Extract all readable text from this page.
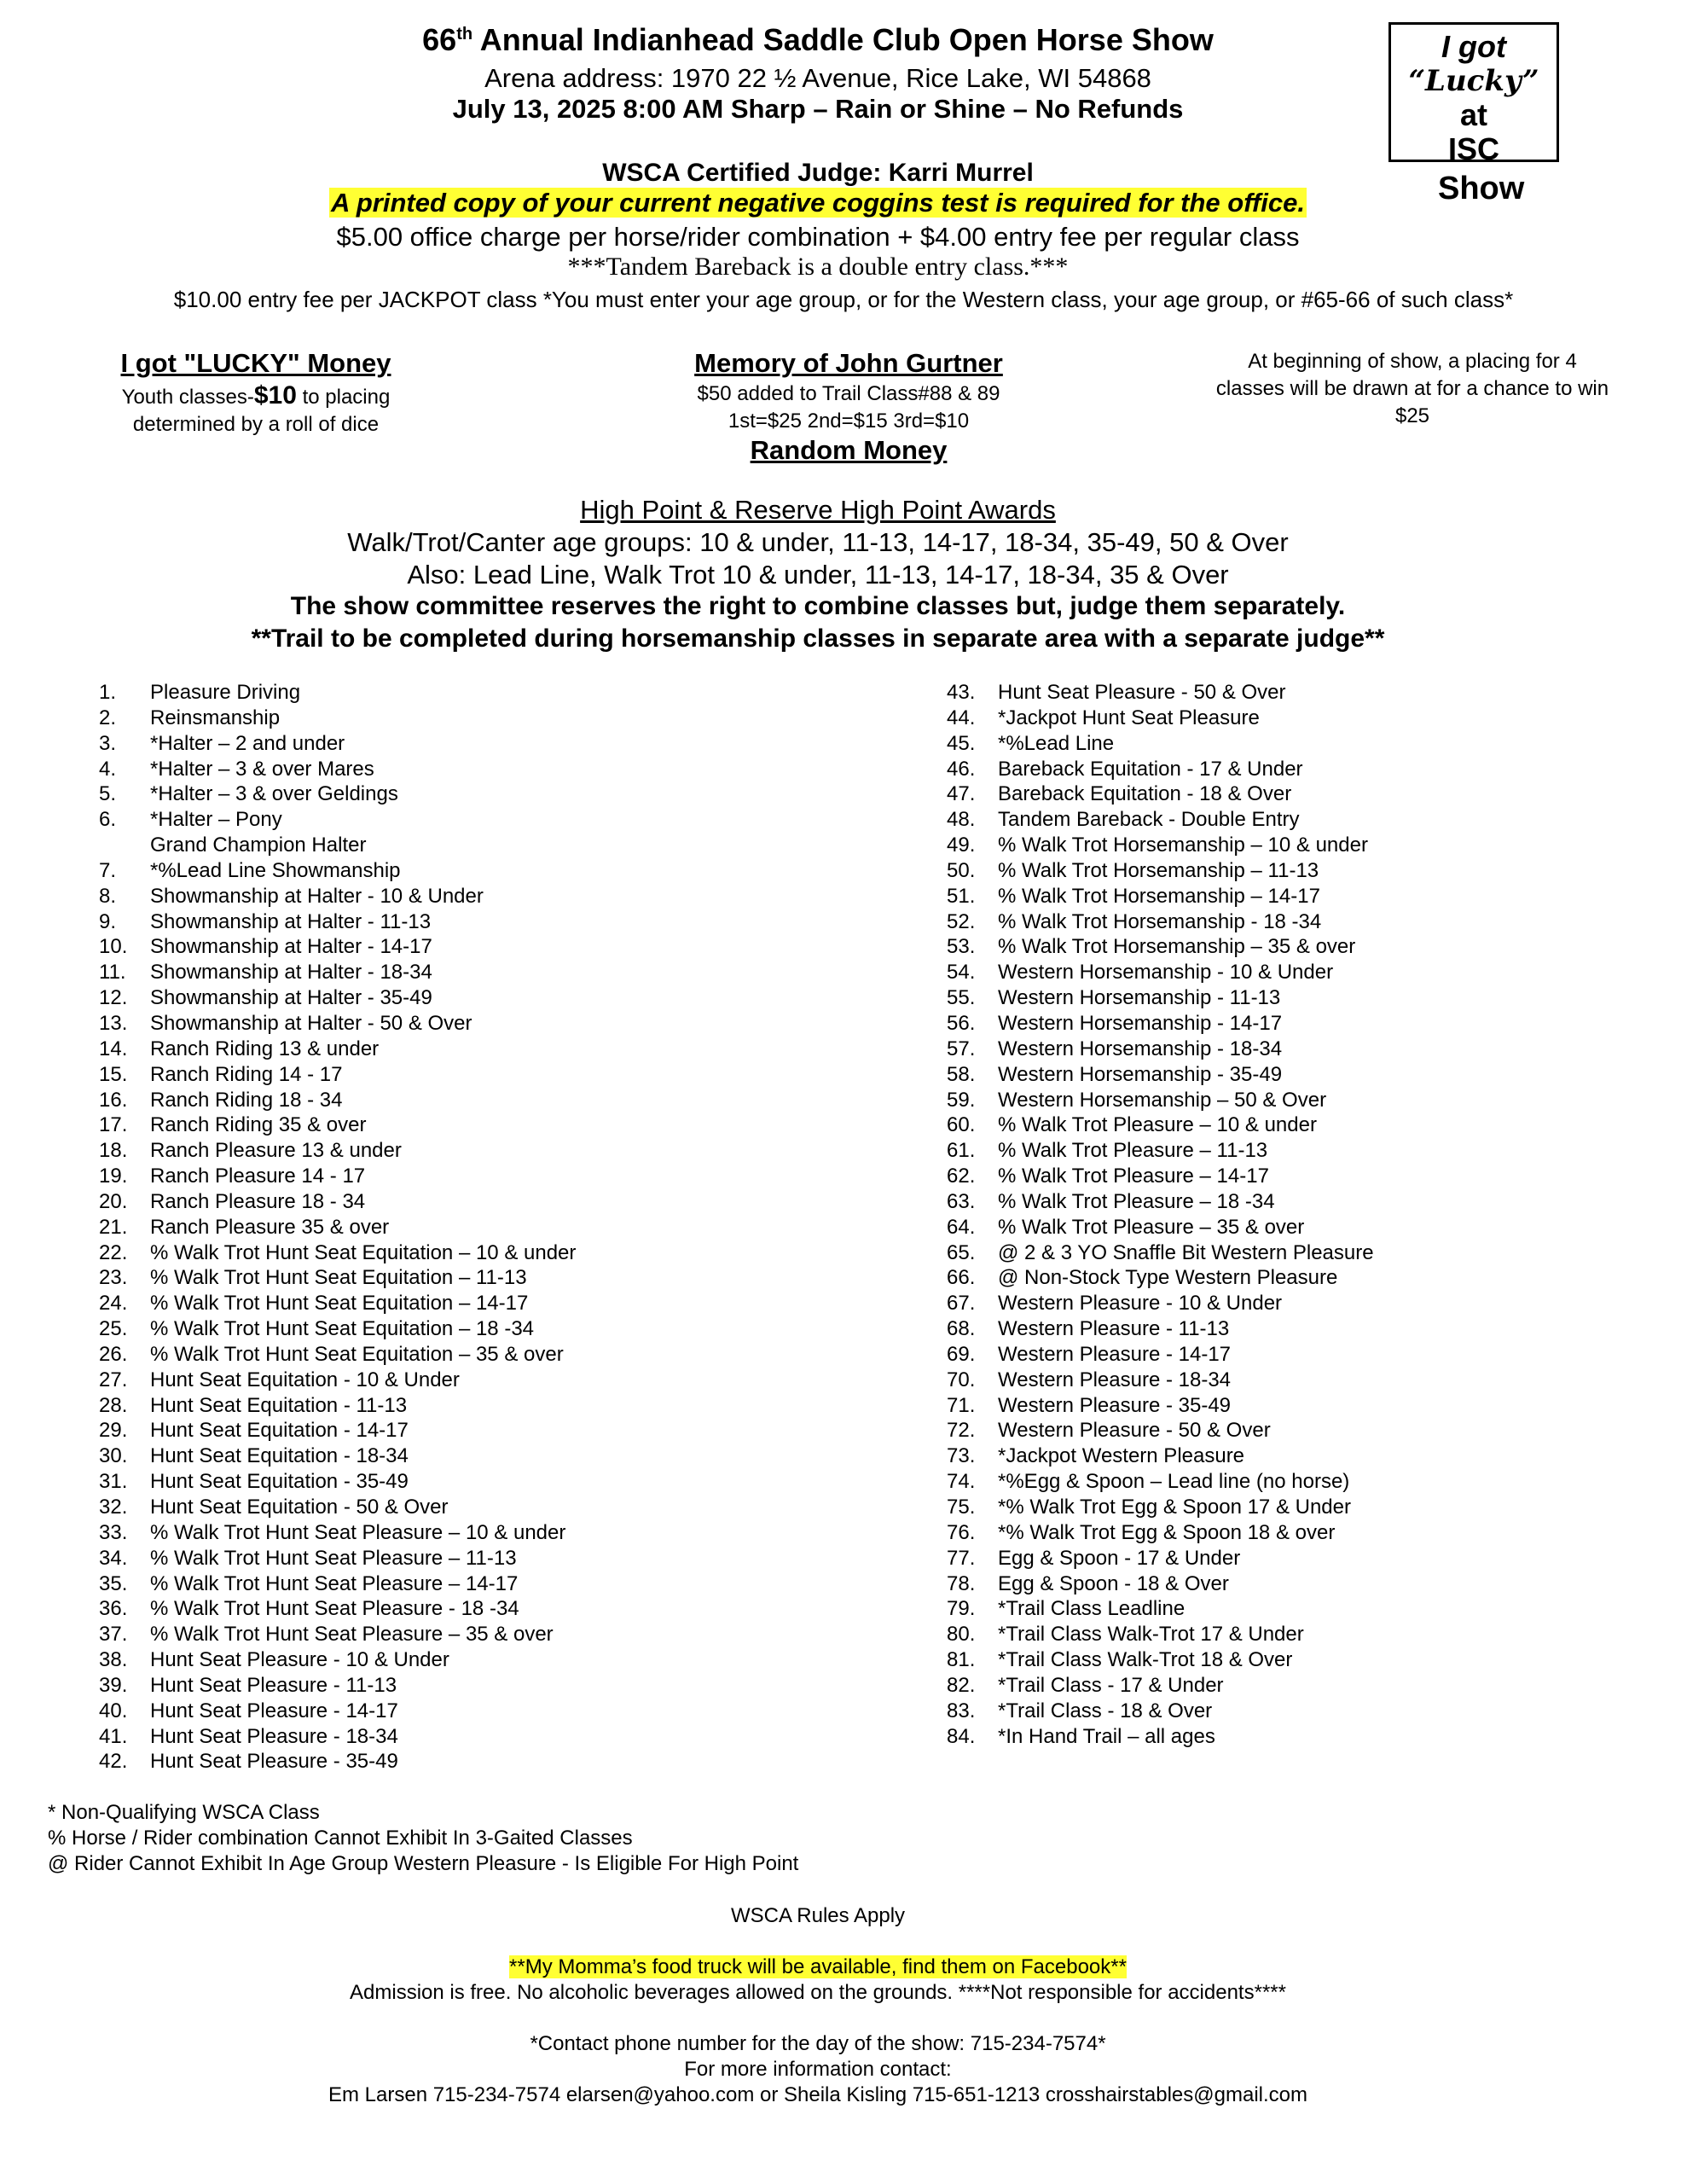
66th Annual Indianhead Saddle Club Open Horse Show
Arena address: 1970 22 ½ Avenue, Rice Lake, WI 54868
July 13, 2025 8:00 AM Sharp – Rain or Shine – No Refunds
WSCA Certified Judge: Karri Murrel
A printed copy of your current negative coggins test is required for the office.
$5.00 office charge per horse/rider combination + $4.00 entry fee per regular class
***Tandem Bareback is a double entry class.***
$10.00 entry fee per JACKPOT class *You must enter your age group, or for the Western class, your age group, or #65-66 of such class*
I got
“Lucky”
at
ISC
Show
I got "LUCKY" Money
Youth classes-$10 to placing
determined by a roll of dice
Memory of John Gurtner
$50 added to Trail Class#88 & 89
1st=$25 2nd=$15 3rd=$10
Random Money
At beginning of show, a placing for 4
classes will be drawn at for a chance to win
$25
High Point & Reserve High Point Awards
Walk/Trot/Canter age groups: 10 & under, 11-13, 14-17, 18-34, 35-49, 50 & Over
Also: Lead Line, Walk Trot 10 & under, 11-13, 14-17, 18-34, 35 & Over
The show committee reserves the right to combine classes but, judge them separately.
**Trail to be completed during horsemanship classes in separate area with a separate judge**
1. Pleasure Driving
2. Reinsmanship
3. *Halter – 2 and under
4. *Halter – 3 & over Mares
5. *Halter – 3 & over Geldings
6. *Halter – Pony
Grand Champion Halter
7. *%Lead Line Showmanship
8. Showmanship at Halter - 10 & Under
9. Showmanship at Halter - 11-13
10. Showmanship at Halter - 14-17
11. Showmanship at Halter - 18-34
12. Showmanship at Halter - 35-49
13. Showmanship at Halter - 50 & Over
14. Ranch Riding 13 & under
15. Ranch Riding 14 - 17
16. Ranch Riding 18 - 34
17. Ranch Riding 35 & over
18. Ranch Pleasure 13 & under
19. Ranch Pleasure 14 - 17
20. Ranch Pleasure 18 - 34
21. Ranch Pleasure 35 & over
22. % Walk Trot Hunt Seat Equitation – 10 & under
23. % Walk Trot Hunt Seat Equitation – 11-13
24. % Walk Trot Hunt Seat Equitation – 14-17
25. % Walk Trot Hunt Seat Equitation – 18 -34
26. % Walk Trot Hunt Seat Equitation – 35 & over
27. Hunt Seat Equitation - 10 & Under
28. Hunt Seat Equitation - 11-13
29. Hunt Seat Equitation - 14-17
30. Hunt Seat Equitation - 18-34
31. Hunt Seat Equitation - 35-49
32. Hunt Seat Equitation - 50 & Over
33. % Walk Trot Hunt Seat Pleasure – 10 & under
34. % Walk Trot Hunt Seat Pleasure – 11-13
35. % Walk Trot Hunt Seat Pleasure – 14-17
36. % Walk Trot Hunt Seat Pleasure - 18 -34
37. % Walk Trot Hunt Seat Pleasure – 35 & over
38. Hunt Seat Pleasure - 10 & Under
39. Hunt Seat Pleasure - 11-13
40. Hunt Seat Pleasure - 14-17
41. Hunt Seat Pleasure - 18-34
42. Hunt Seat Pleasure - 35-49
43. Hunt Seat Pleasure - 50 & Over
44. *Jackpot Hunt Seat Pleasure
45. *%Lead Line
46. Bareback Equitation - 17 & Under
47. Bareback Equitation - 18 & Over
48. Tandem Bareback - Double Entry
49. % Walk Trot Horsemanship – 10 & under
50. % Walk Trot Horsemanship – 11-13
51. % Walk Trot Horsemanship – 14-17
52. % Walk Trot Horsemanship - 18 -34
53. % Walk Trot Horsemanship – 35 & over
54. Western Horsemanship - 10 & Under
55. Western Horsemanship - 11-13
56. Western Horsemanship - 14-17
57. Western Horsemanship - 18-34
58. Western Horsemanship - 35-49
59. Western Horsemanship – 50 & Over
60. % Walk Trot Pleasure – 10 & under
61. % Walk Trot Pleasure – 11-13
62. % Walk Trot Pleasure – 14-17
63. % Walk Trot Pleasure – 18 -34
64. % Walk Trot Pleasure – 35 & over
65. @ 2 & 3 YO Snaffle Bit Western Pleasure
66. @ Non-Stock Type Western Pleasure
67. Western Pleasure - 10 & Under
68. Western Pleasure - 11-13
69. Western Pleasure - 14-17
70. Western Pleasure - 18-34
71. Western Pleasure - 35-49
72. Western Pleasure - 50 & Over
73. *Jackpot Western Pleasure
74. *%Egg & Spoon – Lead line (no horse)
75. *% Walk Trot Egg & Spoon 17 & Under
76. *% Walk Trot Egg & Spoon 18 & over
77. Egg & Spoon - 17 & Under
78. Egg & Spoon - 18 & Over
79. *Trail Class Leadline
80. *Trail Class Walk-Trot 17 & Under
81. *Trail Class Walk-Trot 18 & Over
82. *Trail Class - 17 & Under
83. *Trail Class - 18 & Over
84. *In Hand Trail – all ages
* Non-Qualifying WSCA Class
% Horse / Rider combination Cannot Exhibit In 3-Gaited Classes
@ Rider Cannot Exhibit In Age Group Western Pleasure - Is Eligible For High Point
WSCA Rules Apply
**My Momma’s food truck will be available, find them on Facebook**
Admission is free. No alcoholic beverages allowed on the grounds. ****Not responsible for accidents****
*Contact phone number for the day of the show: 715-234-7574*
For more information contact:
Em Larsen 715-234-7574 elarsen@yahoo.com or Sheila Kisling 715-651-1213 crosshairstables@gmail.com
